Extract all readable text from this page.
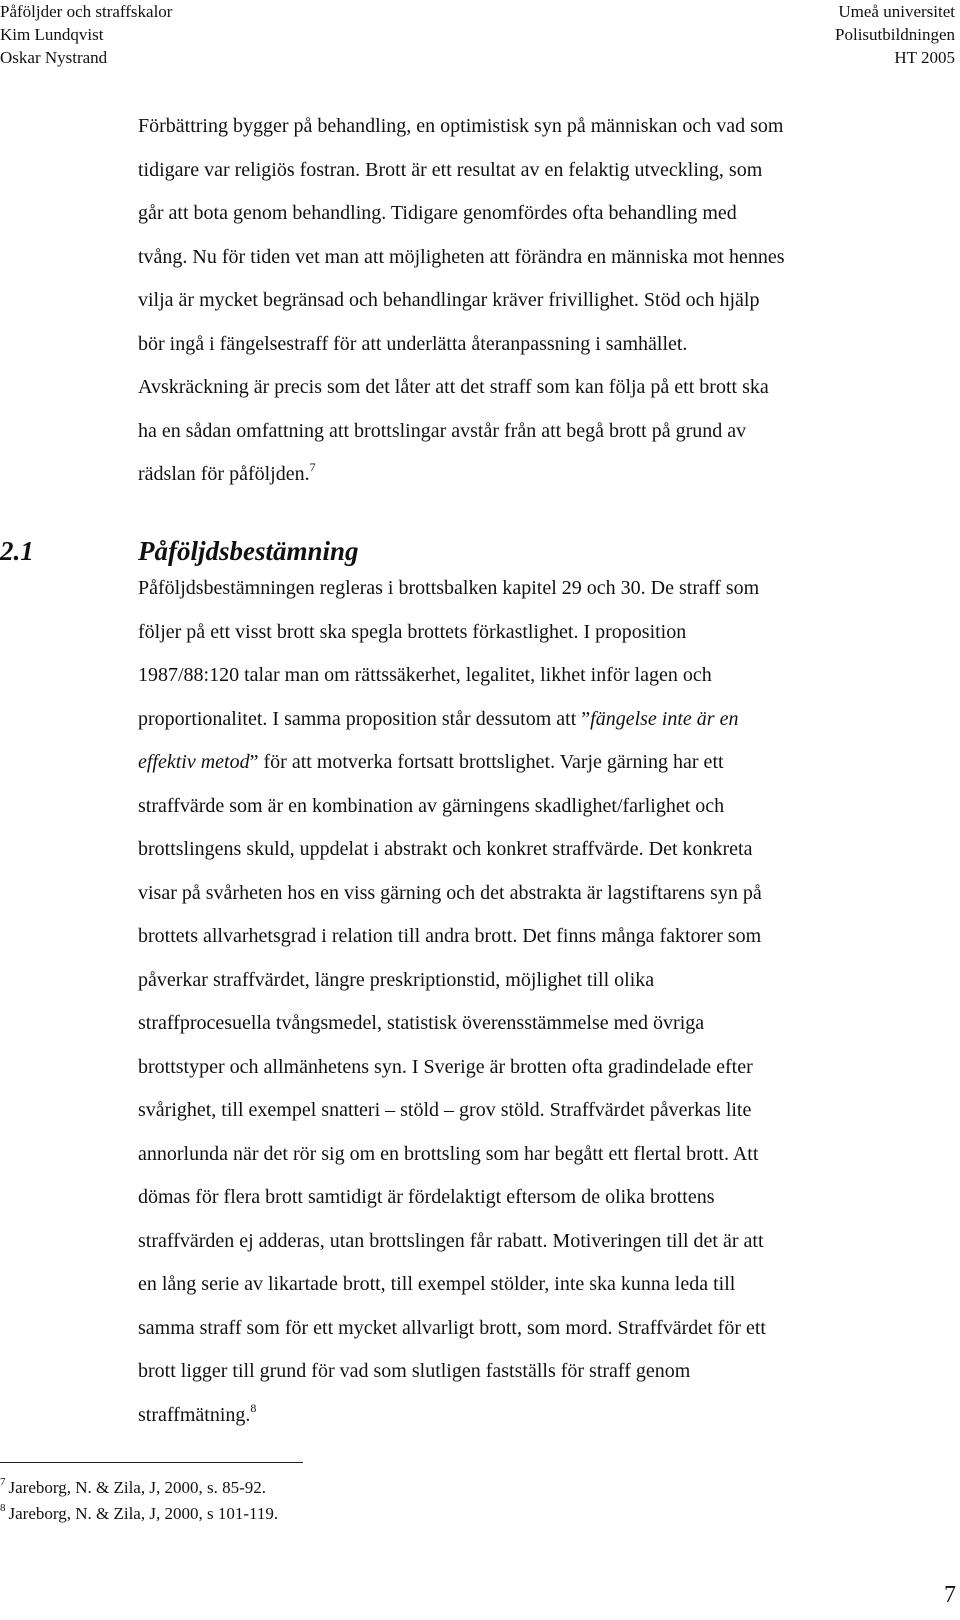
Påföljder och straffskalor
Kim Lundqvist
Oskar Nystrand
Umeå universitet
Polisutbildningen
HT 2005
Förbättring bygger på behandling, en optimistisk syn på människan och vad som
tidigare var religiös fostran. Brott är ett resultat av en felaktig utveckling, som
går att bota genom behandling. Tidigare genomfördes ofta behandling med
tvång. Nu för tiden vet man att möjligheten att förändra en människa mot hennes
vilja är mycket begränsad och behandlingar kräver frivillighet. Stöd och hjälp
bör ingå i fängelsestraff för att underlätta återanpassning i samhället.
Avskräckning är precis som det låter att det straff som kan följa på ett brott ska
ha en sådan omfattning att brottslingar avstår från att begå brott på grund av
rädslan för påföljden.$^7$
2.1	Påföljdsbestämning
Påföljdsbestämningen regleras i brottsbalken kapitel 29 och 30. De straff som
följer på ett visst brott ska spegla brottets förkastlighet. I proposition
1987/88:120 talar man om rättssäkerhet, legalitet, likhet inför lagen och
proportionalitet. I samma proposition står dessutom att ”fängelse inte är en
effektiv metod” för att motverka fortsatt brottslighet. Varje gärning har ett
straffvärde som är en kombination av gärningens skadlighet/farlighet och
brottslingens skuld, uppdelat i abstrakt och konkret straffvärde. Det konkreta
visar på svårheten hos en viss gärning och det abstrakta är lagstiftarens syn på
brottets allvarhetsgrad i relation till andra brott. Det finns många faktorer som
påverkar straffvärdet, längre preskriptionstid, möjlighet till olika
straffprocesuella tvångsmedel, statistisk överensstämmelse med övriga
brottstyper och allmänhetens syn. I Sverige är brotten ofta gradindelade efter
svårighet, till exempel snatteri – stöld – grov stöld. Straffvärdet påverkas lite
annorlunda när det rör sig om en brottsling som har begått ett flertal brott. Att
dömas för flera brott samtidigt är fördelaktigt eftersom de olika brottens
straffvärden ej adderas, utan brottslingen får rabatt. Motiveringen till det är att
en lång serie av likartade brott, till exempel stölder, inte ska kunna leda till
samma straff som för ett mycket allvarligt brott, som mord. Straffvärdet för ett
brott ligger till grund för vad som slutligen fastställs för straff genom
straffmätning.$^8$
$^7$ Jareborg, N. & Zila, J, 2000, s. 85-92.
$^8$ Jareborg, N. & Zila, J, 2000, s 101-119.
7
